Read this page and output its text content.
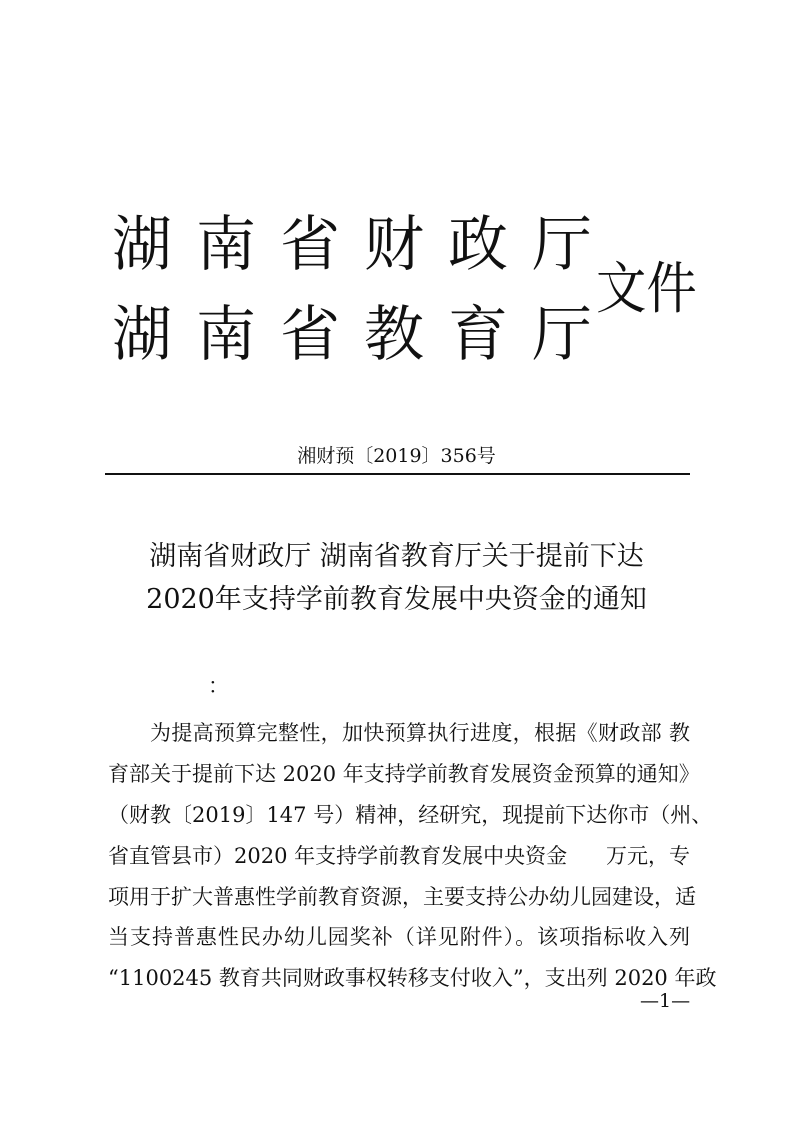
湖南省财政厅
湖南省教育厅
文件
湘财预〔2019〕356号
湖南省财政厅 湖南省教育厅关于提前下达
2020年支持学前教育发展中央资金的通知
：
为提高预算完整性，加快预算执行进度，根据《财政部 教
育部关于提前下达 2020 年支持学前教育发展资金预算的通知》
（财教〔2019〕147 号）精神，经研究，现提前下达你市（州、
省直管县市）2020 年支持学前教育发展中央资金 万元，专
项用于扩大普惠性学前教育资源，主要支持公办幼儿园建设，适
当支持普惠性民办幼儿园奖补（详见附件）。该项指标收入列
“1100245 教育共同财政事权转移支付收入”，支出列 2020 年政
—1—
